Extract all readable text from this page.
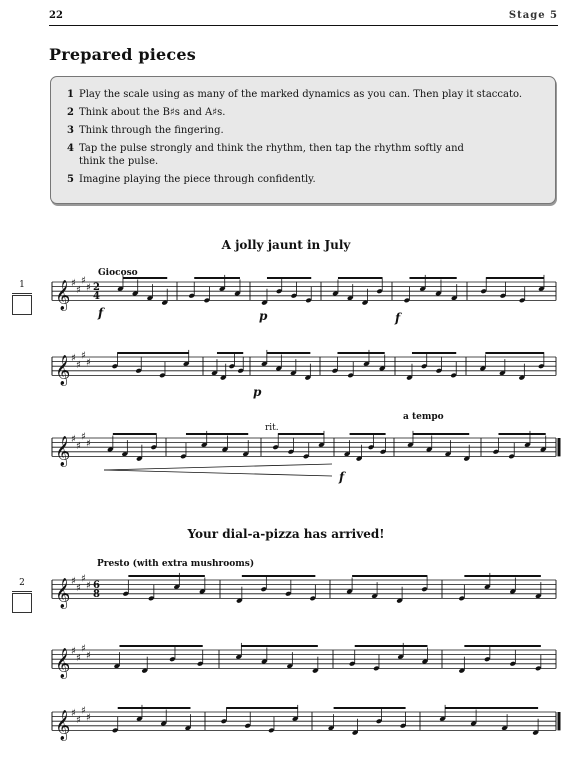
22	Stage 5
Prepared pieces
1 Play the scale using as many of the marked dynamics as you can. Then play it staccato.
2 Think about the B♯s and A♯s.
3 Think through the fingering.
4 Tap the pulse strongly and think the rhythm, then tap the rhythm softly and think the pulse.
5 Imagine playing the piece through confidently.
A jolly jaunt in July
1
Giocoso
rit.
a tempo
f	p	f
p
f
𝄞 ♯
♯
♯
♯ 2
4
𝄞 ♯
♯
♯
♯
𝄞 ♯
♯
♯
♯
𝄞 ♯
♯
♯
♯ 6
8
𝄞 ♯
♯
♯
♯
𝄞 ♯
♯
♯
♯
Your dial-a-pizza has arrived!
2
Presto (with extra mushrooms)
